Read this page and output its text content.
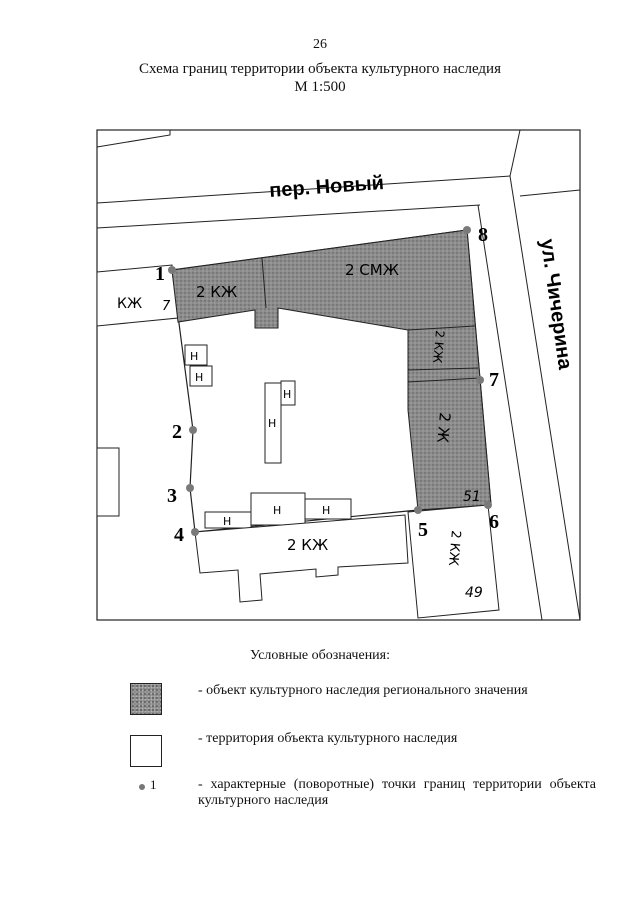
26
Схема границ территории объекта культурного наследия
М 1:500
пер. Новый
ул. Чичерина
КЖ 7
2 КЖ
2 СМЖ
2 КЖ
2 Ж
51
2 КЖ	2 КЖ
49
Н
Н
Н
Н
Н	Н
Н
1
2
3
4	5	6
7
8
Условные обозначения:
- объект культурного наследия регионального значения
- территория объекта культурного наследия
1	- характерные (поворотные) точки границ территории объекта культурного наследия
